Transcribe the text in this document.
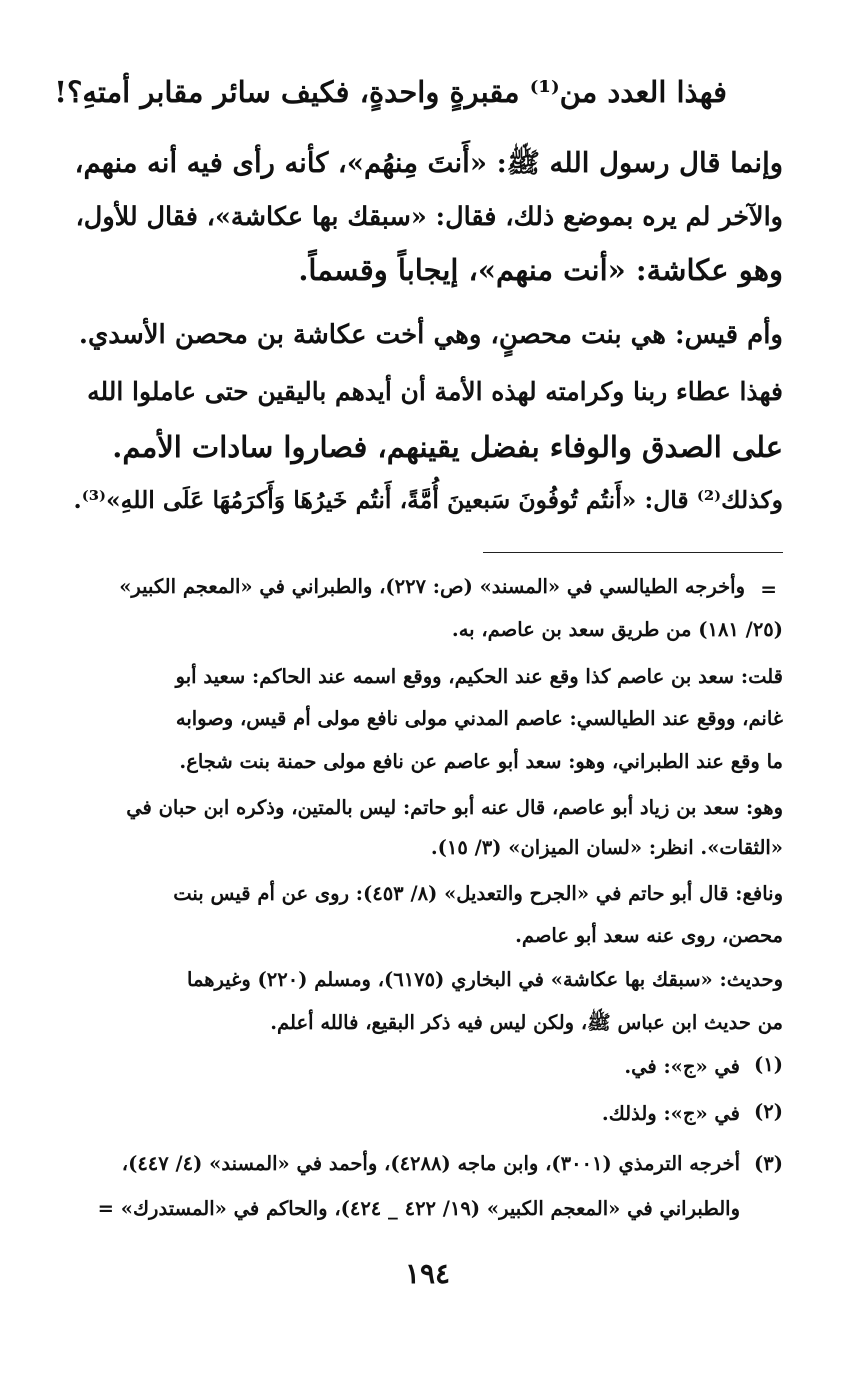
فهذا العدد من⁽¹⁾ مقبرةٍ واحدةٍ، فكيف سائر مقابر أمتهِ؟!
وإنما قال رسول الله ﷺ: «أَنتَ مِنهُم»، كأنه رأى فيه أنه منهم،
والآخر لم يره بموضع ذلك، فقال: «سبقك بها عكاشة»، فقال للأول،
وهو عكاشة: «أنت منهم»، إيجاباً وقسماً.
وأم قيس: هي بنت محصنٍ، وهي أخت عكاشة بن محصن الأسدي.
فهذا عطاء ربنا وكرامته لهذه الأمة أن أيدهم باليقين حتى عاملوا الله
على الصدق والوفاء بفضل يقينهم، فصاروا سادات الأمم.
وكذلك⁽²⁾ قال: «أَنتُم تُوفُونَ سَبعينَ أُمَّةً، أَنتُم خَيرُهَا وَأَكرَمُهَا عَلَى اللهِ»⁽³⁾.
=
وأخرجه الطيالسي في «المسند» (ص: ٢٢٧)، والطبراني في «المعجم الكبير»
(٢٥/ ١٨١) من طريق سعد بن عاصم، به.
قلت: سعد بن عاصم كذا وقع عند الحكيم، ووقع اسمه عند الحاكم: سعيد أبو
غانم، ووقع عند الطيالسي: عاصم المدني مولى نافع مولى أم قيس، وصوابه
ما وقع عند الطبراني، وهو: سعد أبو عاصم عن نافع مولى حمنة بنت شجاع.
وهو: سعد بن زياد أبو عاصم، قال عنه أبو حاتم: ليس بالمتين، وذكره ابن حبان في
«الثقات». انظر: «لسان الميزان» (٣/ ١٥).
ونافع: قال أبو حاتم في «الجرح والتعديل» (٨/ ٤٥٣): روى عن أم قيس بنت
محصن، روى عنه سعد أبو عاصم.
وحديث: «سبقك بها عكاشة» في البخاري (٦١٧٥)، ومسلم (٢٢٠) وغيرهما
من حديث ابن عباس ﷺ، ولكن ليس فيه ذكر البقيع، فالله أعلم.
(١)
في «ج»: في.
(٢)
في «ج»: ولذلك.
(٣)
أخرجه الترمذي (٣٠٠١)، وابن ماجه (٤٢٨٨)، وأحمد في «المسند» (٤/ ٤٤٧)،
والطبراني في «المعجم الكبير» (١٩/ ٤٢٢ _ ٤٢٤)، والحاكم في «المستدرك» =
١٩٤
